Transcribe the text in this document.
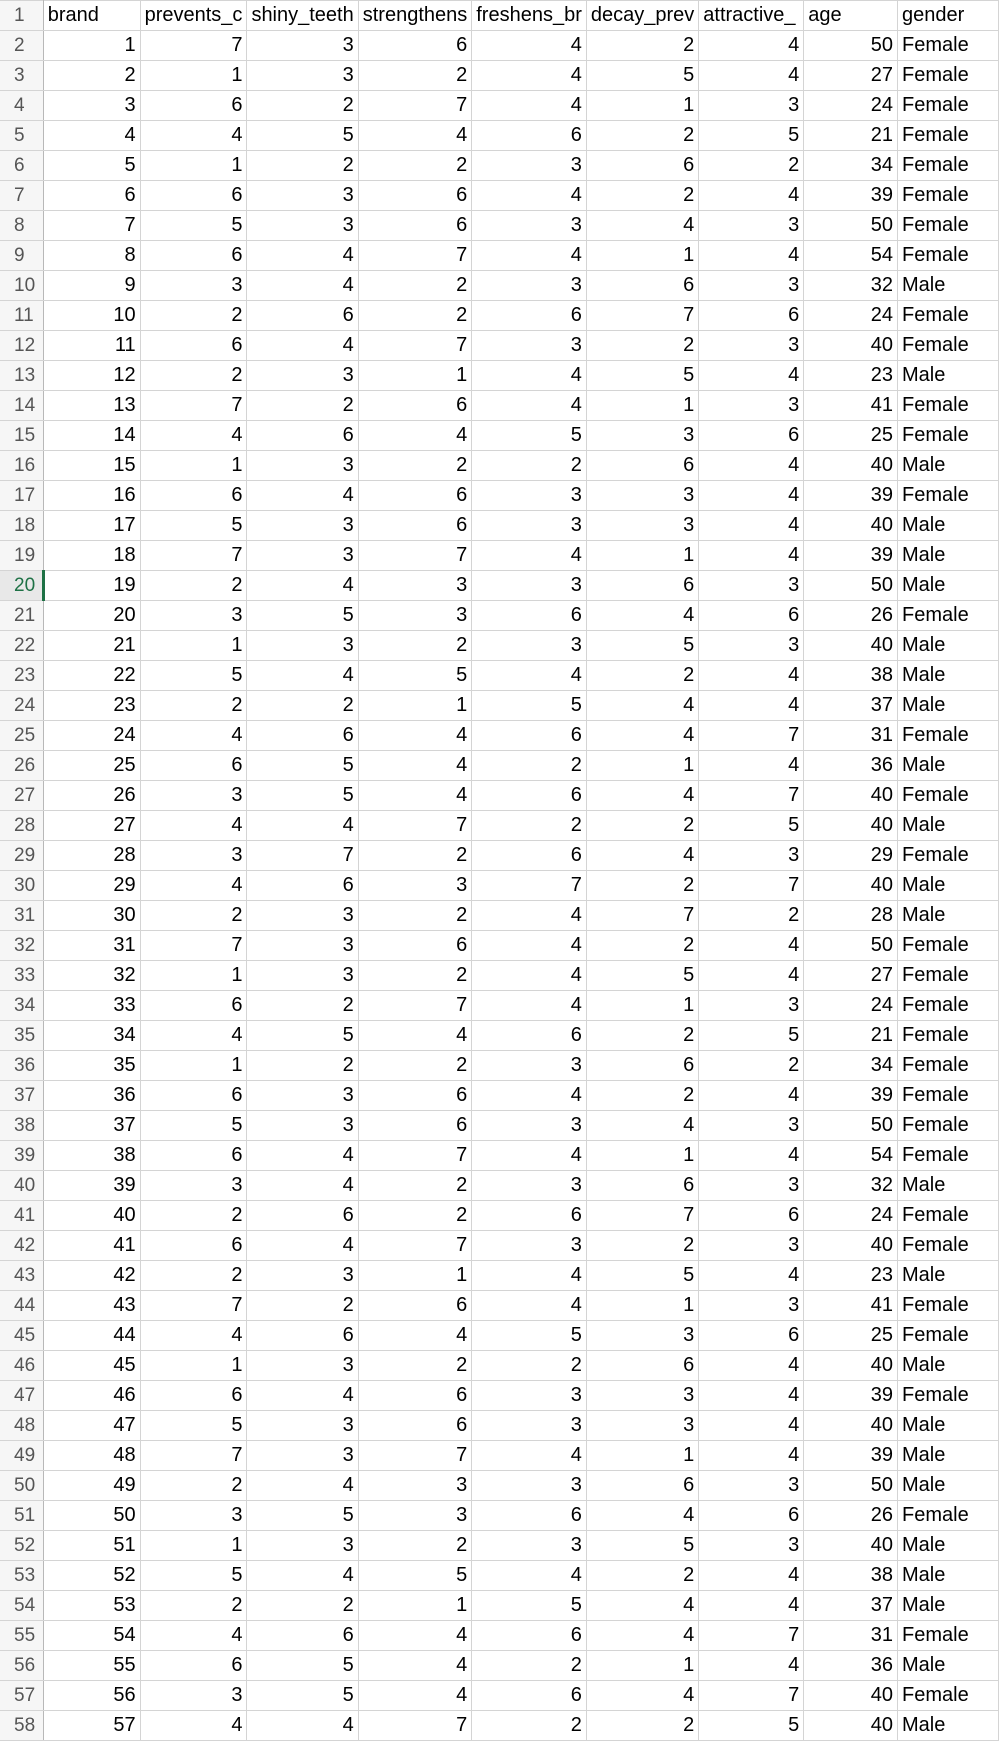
1	brand	prevents_c	shiny_teeth	strengthens	freshens_br	decay_prev	attractive_	age	gender
2	1	7	3	6	4	2	4	50	Female
3	2	1	3	2	4	5	4	27	Female
4	3	6	2	7	4	1	3	24	Female
5	4	4	5	4	6	2	5	21	Female
6	5	1	2	2	3	6	2	34	Female
7	6	6	3	6	4	2	4	39	Female
8	7	5	3	6	3	4	3	50	Female
9	8	6	4	7	4	1	4	54	Female
10	9	3	4	2	3	6	3	32	Male
11	10	2	6	2	6	7	6	24	Female
12	11	6	4	7	3	2	3	40	Female
13	12	2	3	1	4	5	4	23	Male
14	13	7	2	6	4	1	3	41	Female
15	14	4	6	4	5	3	6	25	Female
16	15	1	3	2	2	6	4	40	Male
17	16	6	4	6	3	3	4	39	Female
18	17	5	3	6	3	3	4	40	Male
19	18	7	3	7	4	1	4	39	Male
20	19	2	4	3	3	6	3	50	Male
21	20	3	5	3	6	4	6	26	Female
22	21	1	3	2	3	5	3	40	Male
23	22	5	4	5	4	2	4	38	Male
24	23	2	2	1	5	4	4	37	Male
25	24	4	6	4	6	4	7	31	Female
26	25	6	5	4	2	1	4	36	Male
27	26	3	5	4	6	4	7	40	Female
28	27	4	4	7	2	2	5	40	Male
29	28	3	7	2	6	4	3	29	Female
30	29	4	6	3	7	2	7	40	Male
31	30	2	3	2	4	7	2	28	Male
32	31	7	3	6	4	2	4	50	Female
33	32	1	3	2	4	5	4	27	Female
34	33	6	2	7	4	1	3	24	Female
35	34	4	5	4	6	2	5	21	Female
36	35	1	2	2	3	6	2	34	Female
37	36	6	3	6	4	2	4	39	Female
38	37	5	3	6	3	4	3	50	Female
39	38	6	4	7	4	1	4	54	Female
40	39	3	4	2	3	6	3	32	Male
41	40	2	6	2	6	7	6	24	Female
42	41	6	4	7	3	2	3	40	Female
43	42	2	3	1	4	5	4	23	Male
44	43	7	2	6	4	1	3	41	Female
45	44	4	6	4	5	3	6	25	Female
46	45	1	3	2	2	6	4	40	Male
47	46	6	4	6	3	3	4	39	Female
48	47	5	3	6	3	3	4	40	Male
49	48	7	3	7	4	1	4	39	Male
50	49	2	4	3	3	6	3	50	Male
51	50	3	5	3	6	4	6	26	Female
52	51	1	3	2	3	5	3	40	Male
53	52	5	4	5	4	2	4	38	Male
54	53	2	2	1	5	4	4	37	Male
55	54	4	6	4	6	4	7	31	Female
56	55	6	5	4	2	1	4	36	Male
57	56	3	5	4	6	4	7	40	Female
58	57	4	4	7	2	2	5	40	Male
